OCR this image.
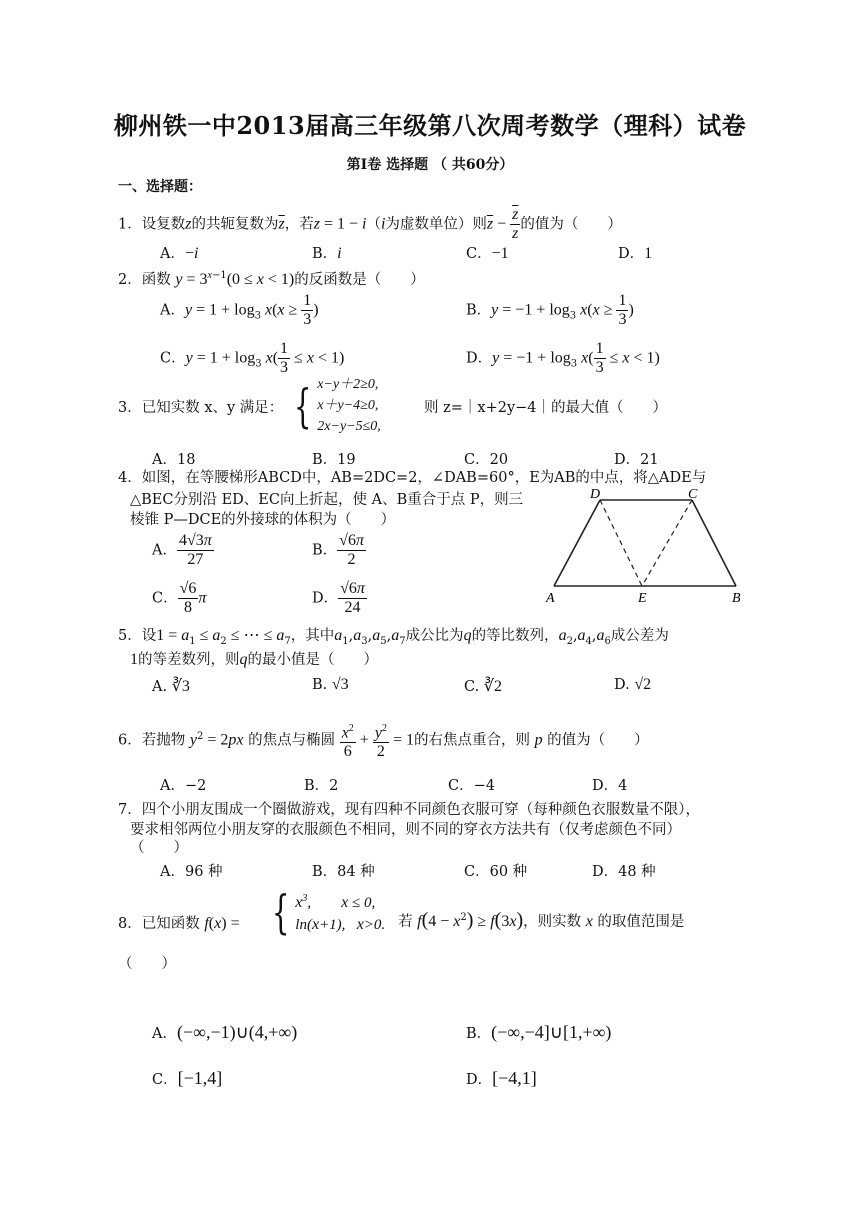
柳州铁一中2013届高三年级第八次周考数学（理科）试卷
第Ⅰ卷 选择题 （ 共60分）
一、选择题：
1．设复数z的共轭复数为$\overline{z}$，若z = 1 − i（i为虚数单位）则$\overline{z} - \frac{\overline{z}}{z}$ 的值为（　　）
A．−i	B．i	C．−1	D．1
2．函数 $y = 3^{x-1}(0 \le x < 1)$的反函数是（　　）
A．$y = 1 + \log_3 x(x \ge \frac{1}{3}$ )	B．$y = -1 + \log_3 x(x \ge \frac{1}{3}$ )
C．$y = 1 + \log_3 x( \frac{1}{3} \le x < 1)$	D．$y = -1 + \log_3 x( \frac{1}{3} \le x < 1)$
3．已知实数 x、y 满足： { x−y＋2≥0,
x＋y−4≥0,
2x−y−5≤0,
则 z=｜x+2y−4｜的最大值（　　）
A．18	B．19	C．20	D．21
4．如图，在等腰梯形ABCD中，AB=2DC=2，∠DAB=60°，E为AB的中点，将△ADE与
△BEC分别沿 ED、EC向上折起，使 A、B重合于点 P，则三
棱锥 P—DCE的外接球的体积为（　　）
A． $\frac{4√3\pi}{27}$	B． $\frac{√6\pi}{2}$
C． $\frac{√6}{8}$ π	D． $\frac{√6\pi}{24}$
D	C
A	E	B
5．设$1 = a_1 \le a_2$ ≤ ⋯ ≤ $a_7$，其中$a_1,a_3,a_5,a_7$成公比为q的等比数列，$a_2,a_4,a_6$成公差为
1的等差数列，则q的最小值是（　　）
A. ∛3	B. √3	C. ∛2	D. √2
6．若抛物 $y^2 = 2px$ 的焦点与椭圆 $\frac{x^2}{6} + \frac{y^2}{2} = 1$的右焦点重合，则 p 的值为（　　）
A．−2	B．2	C．−4	D．4
7．四个小朋友围成一个圈做游戏，现有四种不同颜色衣服可穿（每种颜色衣服数量不限），
要求相邻两位小朋友穿的衣服颜色不相同，则不同的穿衣方法共有（仅考虑颜色不同）
（　　）
A．96 种	B．84 种	C．60 种	D．48 种
8．已知函数 f(x) = { $x^3$,        x ≤ 0,
ln(x+1),   x>0. 若 $f(4 - x^2) \ge f(3x)$，则实数 x 的取值范围是
（　　）
A．(−∞,−1)∪(4,+∞)	B．(−∞,−4]∪[1,+∞)
C．[−1,4]	D．[−4,1]
